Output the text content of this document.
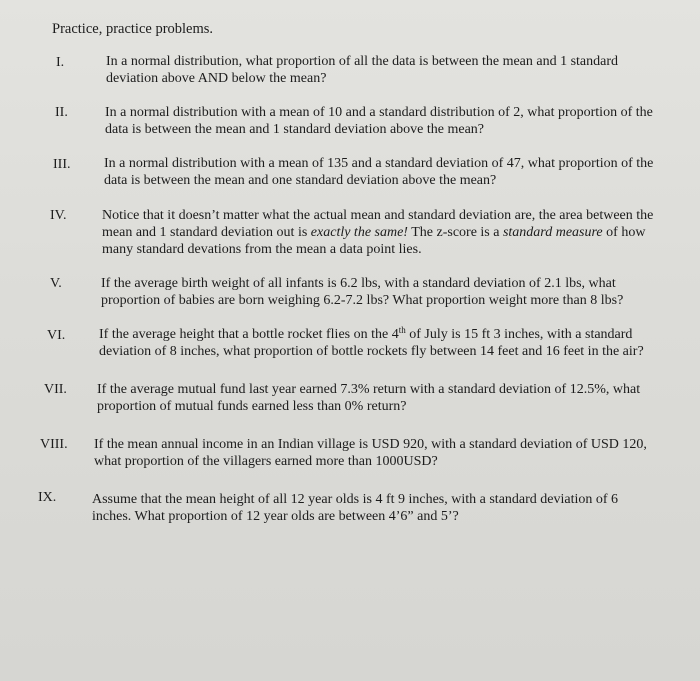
Practice, practice problems.
I.	In a normal distribution, what proportion of all the data is between the mean and 1 standard

deviation above AND below the mean?

II.	In a normal distribution with a mean of 10 and a standard distribution of 2, what proportion of the

data is between the mean and 1 standard deviation above the mean?

III. In a normal distribution with a mean of 135 and a standard deviation of 47, what proportion of the

data is between the mean and one standard deviation above the mean?

IV.	Notice that it doesn’t matter what the actual mean and standard deviation are, the area between the

mean and 1 standard deviation out is exactly the same! The z-score is a standard measure of how

many standard devations from the mean a data point lies.

V.	If the average birth weight of all infants is 6.2 lbs, with a standard deviation of 2.1 lbs, what

proportion of babies are born weighing 6.2-7.2 lbs? What proportion weight more than 8 lbs?

VI. If the average height that a bottle rocket flies on the 4th of July is 15 ft 3 inches, with a standard

deviation of 8 inches, what proportion of bottle rockets fly between 14 feet and 16 feet in the air?

VII. If the average mutual fund last year earned 7.3% return with a standard deviation of 12.5%, what

proportion of mutual funds earned less than 0% return?

VIII. If the mean annual income in an Indian village is USD 920, with a standard deviation of USD 120,

what proportion of the villagers earned more than 1000USD?

IX.	Assume that the mean height of all 12 year olds is 4 ft 9 inches, with a standard deviation of 6

inches. What proportion of 12 year olds are between 4’6” and 5’?
